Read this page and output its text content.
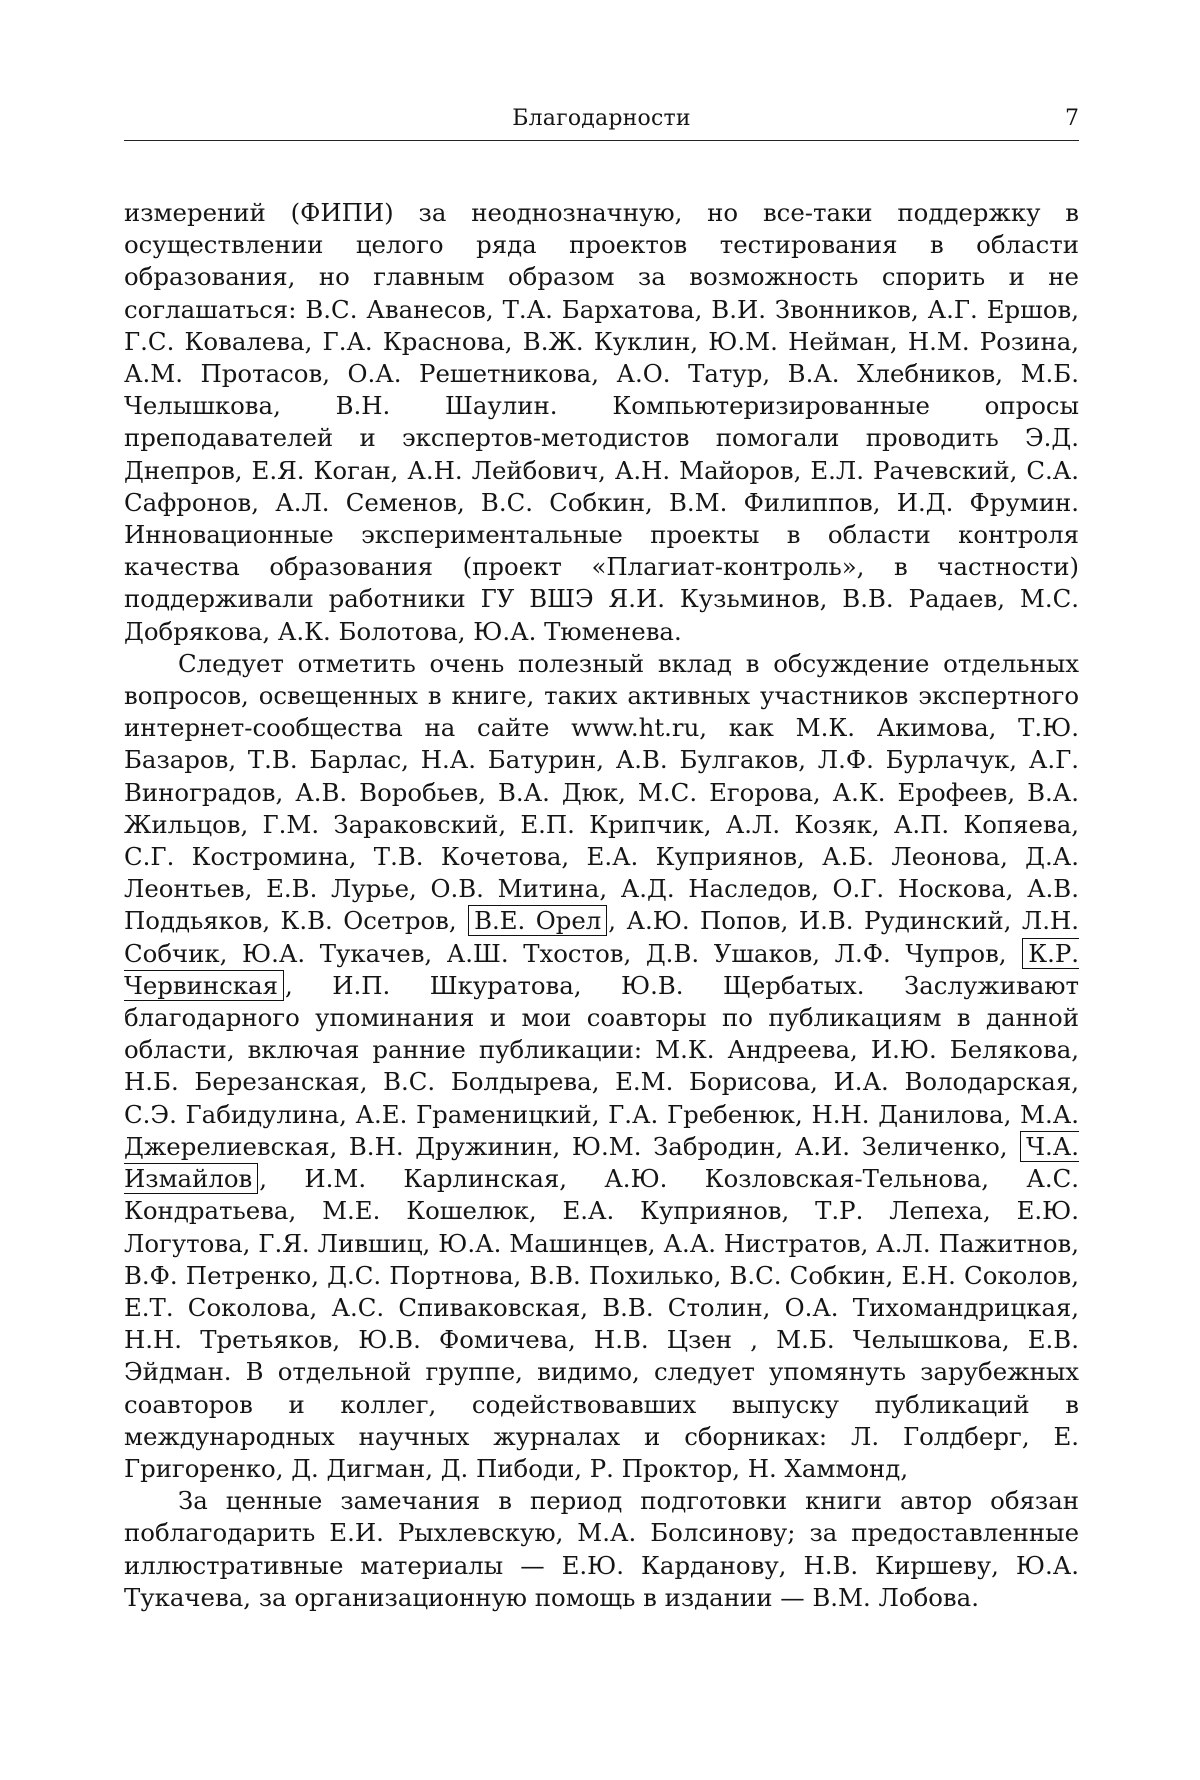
Благодарности	7

измерений (ФИПИ) за неоднозначную, но все-таки поддержку в осуществлении целого ряда проектов тестирования в области образования, но главным образом за возможность спорить и не соглашаться: В.С. Аванесов, Т.А. Бархатова, В.И. Звонников, А.Г. Ершов, Г.С. Ковалева, Г.А. Краснова, В.Ж. Куклин, Ю.М. Нейман, Н.М. Розина, А.М. Протасов, О.А. Решетникова, А.О. Татур, В.А. Хлебников, М.Б. Челышкова, В.Н. Шаулин. Компьютеризированные опросы преподавателей и экспертов-методистов помогали проводить Э.Д. Днепров, Е.Я. Коган, А.Н. Лейбович, А.Н. Майоров, Е.Л. Рачевский, С.А. Сафронов, А.Л. Семенов, В.С. Собкин, В.М. Филиппов, И.Д. Фрумин. Инновационные экспериментальные проекты в области контроля качества образования (проект «Плагиат-контроль», в частности) поддерживали работники ГУ ВШЭ Я.И. Кузьминов, В.В. Радаев, М.С. Добрякова, А.К. Болотова, Ю.А. Тюменева.

Следует отметить очень полезный вклад в обсуждение отдельных вопросов, освещенных в книге, таких активных участников экспертного интернет-сообщества на сайте www.ht.ru, как М.К. Акимова, Т.Ю. Базаров, Т.В. Барлас, Н.А. Батурин, А.В. Булгаков, Л.Ф. Бурлачук, А.Г. Виноградов, А.В. Воробьев, В.А. Дюк, М.С. Егорова, А.К. Ерофеев, В.А. Жильцов, Г.М. Зараковский, Е.П. Крипчик, А.Л. Козяк, А.П. Копяева, С.Г. Костромина, Т.В. Кочетова, Е.А. Куприянов, А.Б. Леонова, Д.А. Леонтьев, Е.В. Лурье, О.В. Митина, А.Д. Наследов, О.Г. Носкова, А.В. Поддьяков, К.В. Осетров, В.Е. Орел , А.Ю. Попов, И.В. Рудинский, Л.Н. Собчик, Ю.А. Тукачев, А.Ш. Тхостов, Д.В. Ушаков, Л.Ф. Чупров, К.Р. Червинская , И.П. Шкуратова, Ю.В. Щербатых. Заслуживают благодарного упоминания и мои соавторы по публикациям в данной области, включая ранние публикации: М.К. Андреева, И.Ю. Белякова, Н.Б. Березанская, В.С. Болдырева, Е.М. Борисова, И.А. Володарская, С.Э. Габидулина, А.Е. Граменицкий, Г.А. Гребенюк, Н.Н. Данилова, М.А. Джерелиевская, В.Н. Дружинин, Ю.М. Забродин, А.И. Зеличенко, Ч.А. Измайлов , И.М. Карлинская, А.Ю. Козловская-Тельнова, А.С. Кондратьева, М.Е. Кошелюк, Е.А. Куприянов, Т.Р. Лепеха, Е.Ю. Логутова, Г.Я. Лившиц, Ю.А. Машинцев, А.А. Нистратов, А.Л. Пажитнов, В.Ф. Петренко, Д.С. Портнова, В.В. Похилько, В.С. Собкин, Е.Н. Соколов, Е.Т. Соколова, А.С. Спиваковская, В.В. Столин, О.А. Тихомандрицкая, Н.Н. Третьяков, Ю.В. Фомичева, Н.В. Цзен , М.Б. Челышкова, Е.В. Эйдман. В отдельной группе, видимо, следует упомянуть зарубежных соавторов и коллег, содействовавших выпуску публикаций в международных научных журналах и сборниках: Л. Голдберг, Е. Григоренко, Д. Дигман, Д. Пибоди, Р. Проктор, Н. Хаммонд,

За ценные замечания в период подготовки книги автор обязан поблагодарить Е.И. Рыхлевскую, М.А. Болсинову; за предоставленные иллюстративные материалы — Е.Ю. Карданову, Н.В. Киршеву, Ю.А. Тукачева, за организационную помощь в издании — В.М. Лобова.
